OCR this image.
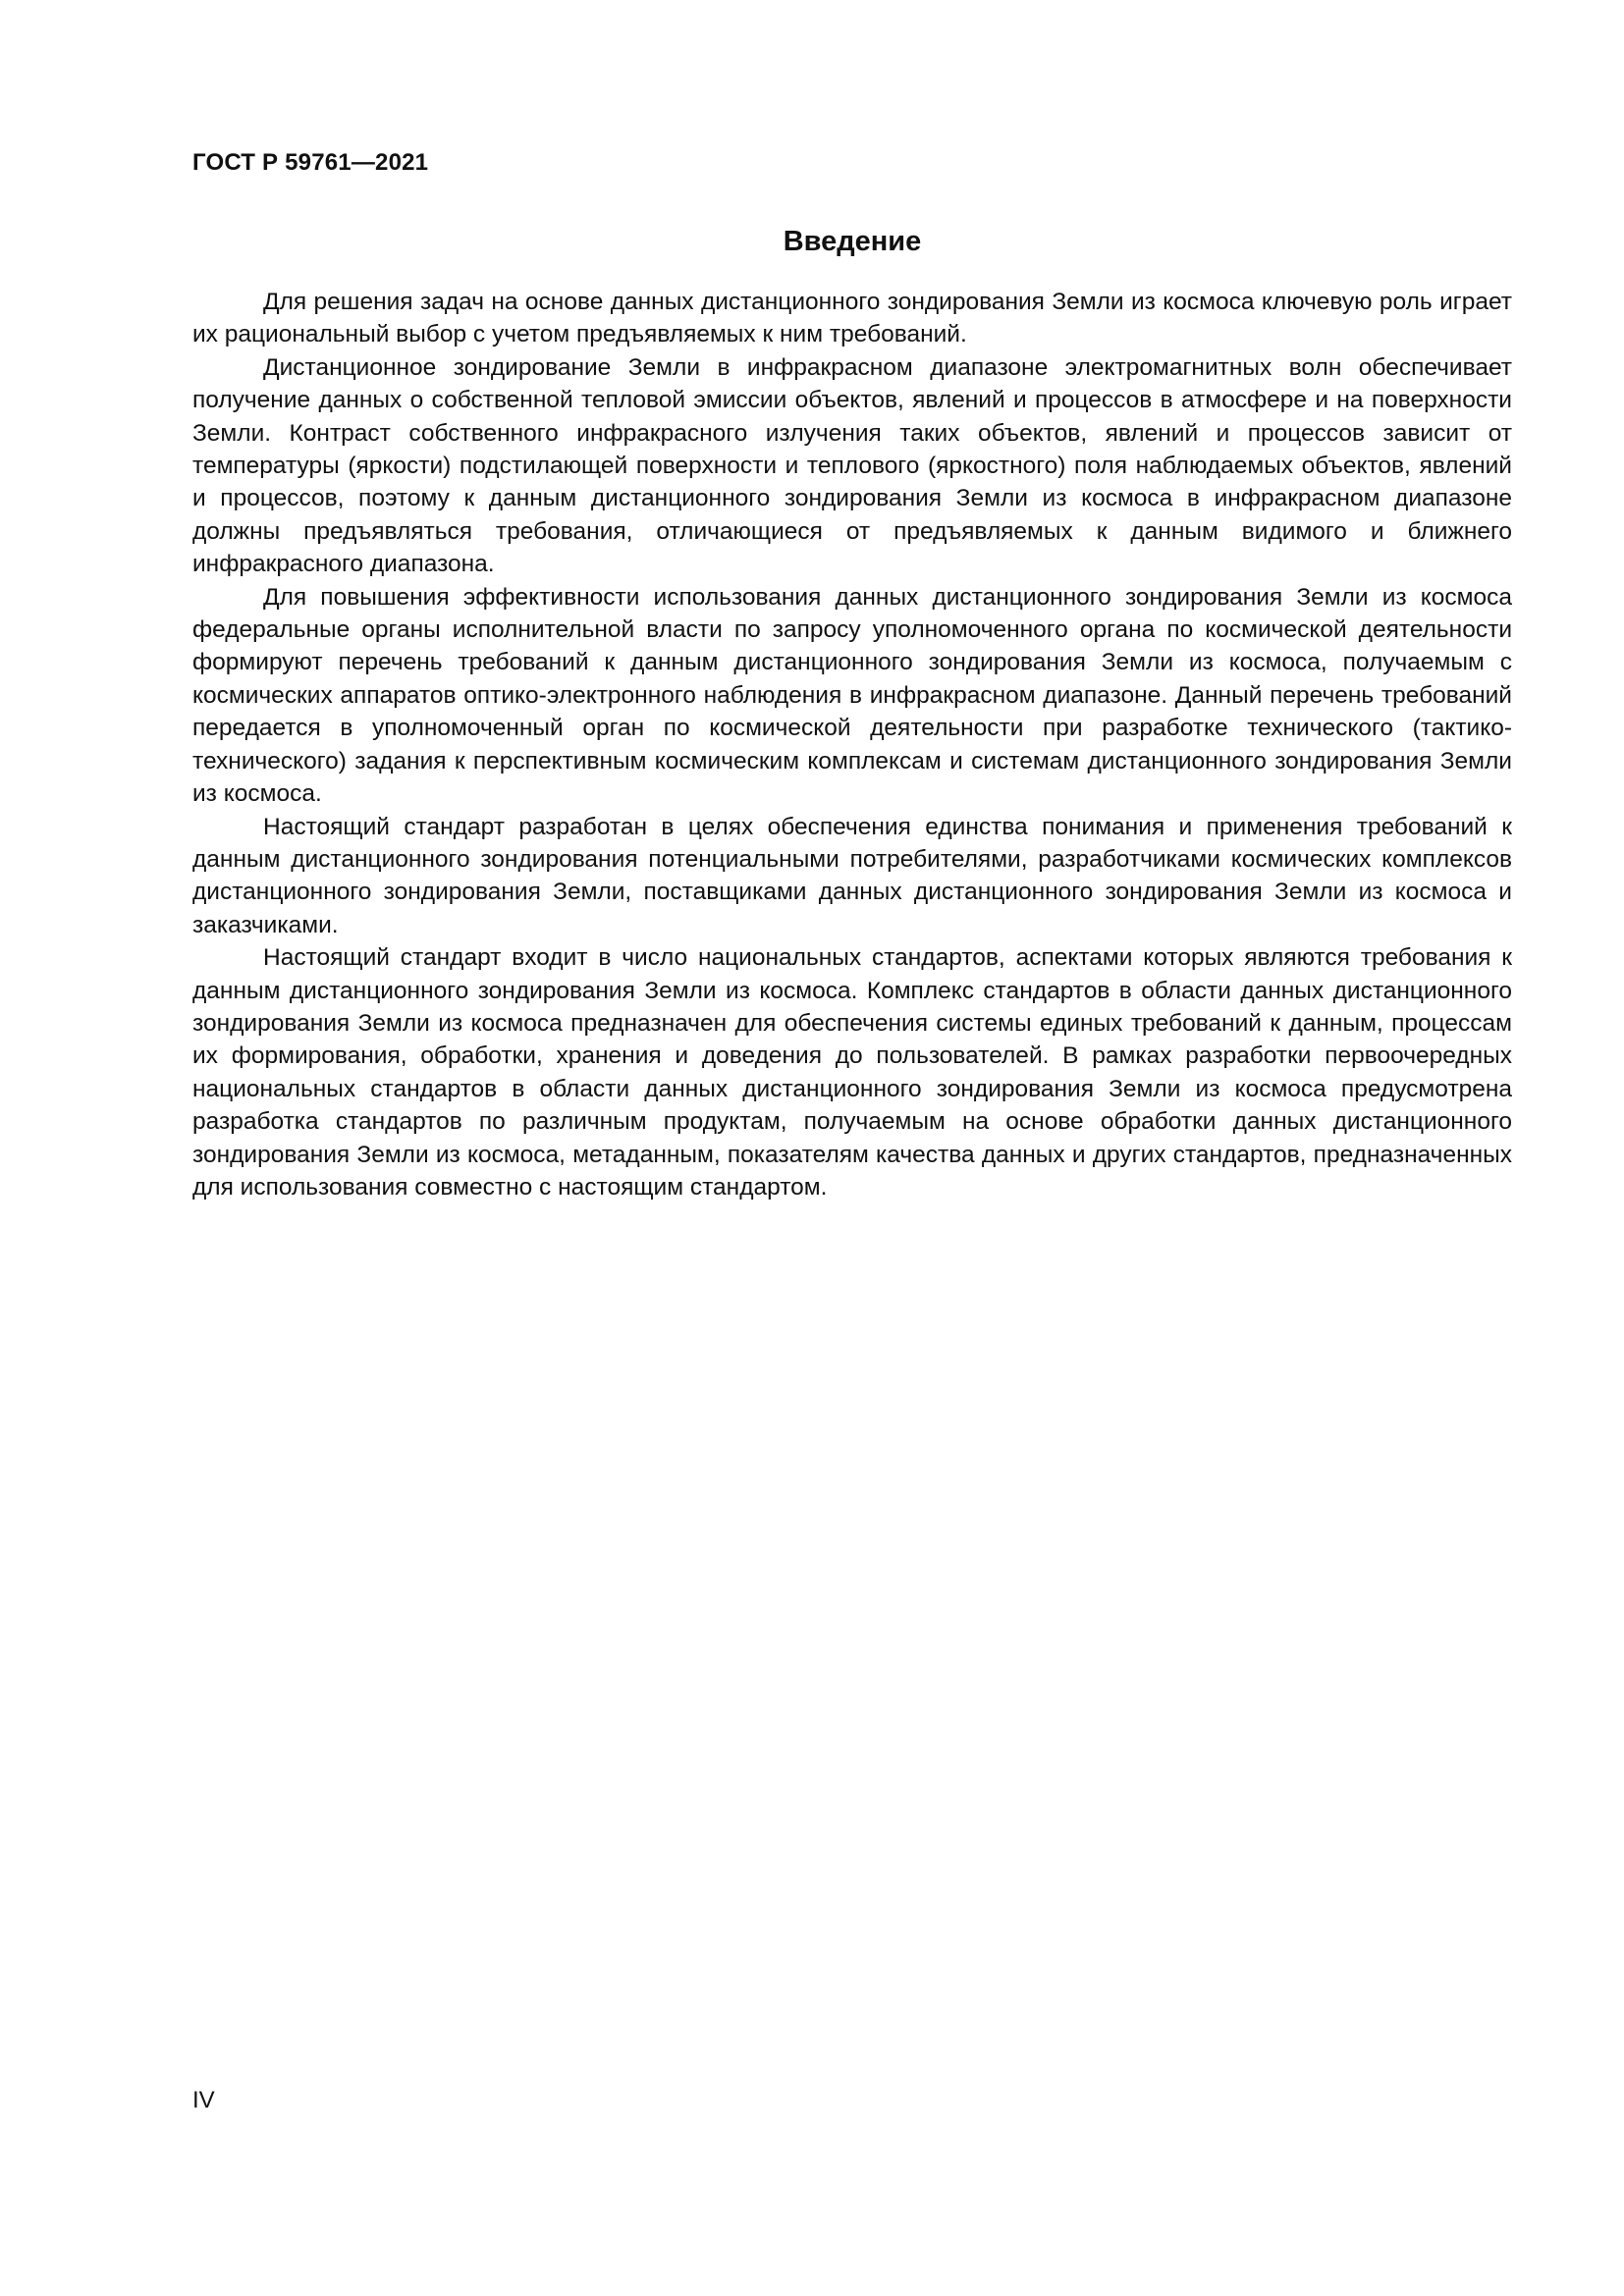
ГОСТ Р 59761—2021
Введение

Для решения задач на основе данных дистанционного зондирования Земли из космоса ключевую роль играет их рациональный выбор с учетом предъявляемых к ним требований.

Дистанционное зондирование Земли в инфракрасном диапазоне электромагнитных волн обеспечивает получение данных о собственной тепловой эмиссии объектов, явлений и процессов в атмосфере и на поверхности Земли. Контраст собственного инфракрасного излучения таких объектов, явлений и процессов зависит от температуры (яркости) подстилающей поверхности и теплового (яркостного) поля наблюдаемых объектов, явлений и процессов, поэтому к данным дистанционного зондирования Земли из космоса в инфракрасном диапазоне должны предъявляться требования, отличающиеся от предъявляемых к данным видимого и ближнего инфракрасного диапазона.

Для повышения эффективности использования данных дистанционного зондирования Земли из космоса федеральные органы исполнительной власти по запросу уполномоченного органа по космической деятельности формируют перечень требований к данным дистанционного зондирования Земли из космоса, получаемым с космических аппаратов оптико-электронного наблюдения в инфракрасном диапазоне. Данный перечень требований передается в уполномоченный орган по космической деятельности при разработке технического (тактико-технического) задания к перспективным космическим комплексам и системам дистанционного зондирования Земли из космоса.

Настоящий стандарт разработан в целях обеспечения единства понимания и применения требований к данным дистанционного зондирования потенциальными потребителями, разработчиками космических комплексов дистанционного зондирования Земли, поставщиками данных дистанционного зондирования Земли из космоса и заказчиками.

Настоящий стандарт входит в число национальных стандартов, аспектами которых являются требования к данным дистанционного зондирования Земли из космоса. Комплекс стандартов в области данных дистанционного зондирования Земли из космоса предназначен для обеспечения системы единых требований к данным, процессам их формирования, обработки, хранения и доведения до пользователей. В рамках разработки первоочередных национальных стандартов в области данных дистанционного зондирования Земли из космоса предусмотрена разработка стандартов по различным продуктам, получаемым на основе обработки данных дистанционного зондирования Земли из космоса, метаданным, показателям качества данных и других стандартов, предназначенных для использования совместно с настоящим стандартом.

IV
